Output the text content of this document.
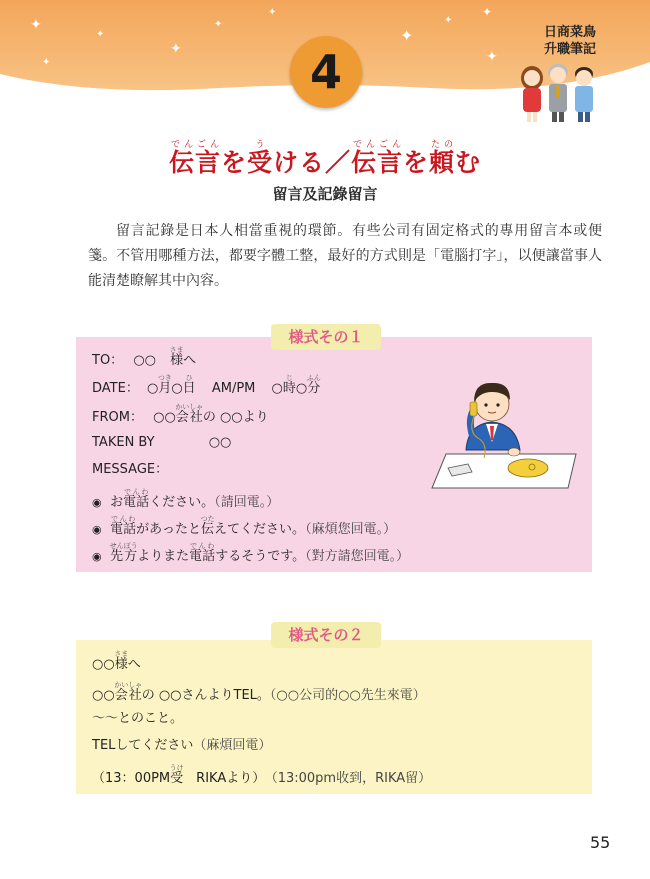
✦
✦
✦
✦
✦
✦
✦
✦
✦
✦
4
日商菜鳥
升職筆記
伝言でんごんを受うける／伝言でんごんを頼たのむ
留言及記錄留言
留言記錄是日本人相當重視的環節。有些公司有固定格式的專用留言本或便箋。不管用哪種方法，都要字體工整，最好的方式則是「電腦打字」，以便讓當事人能清楚瞭解其中內容。
様式その１
TO： ○○ 様さまへ
DATE： ○月つき○日ひ AM/PM ○時じ○分ふん
FROM： ○○会社かいしゃの ○○より
TAKEN BY	○○
MESSAGE：
◉ お電話でんわください。（請回電。）
◉ 電話でんわがあったと伝つたえてください。（麻煩您回電。）
◉ 先方せんぽうよりまた電話でんわするそうです。（對方請您回電。）
様式その２
○○様さまへ
○○会社かいしゃの ○○さんよりTEL。（○○公司的○○先生來電）
～～とのこと。
TELしてください（麻煩回電）
（13：00PM受うけ　RIKAより） （13:00pm收到，RIKA留）
55
